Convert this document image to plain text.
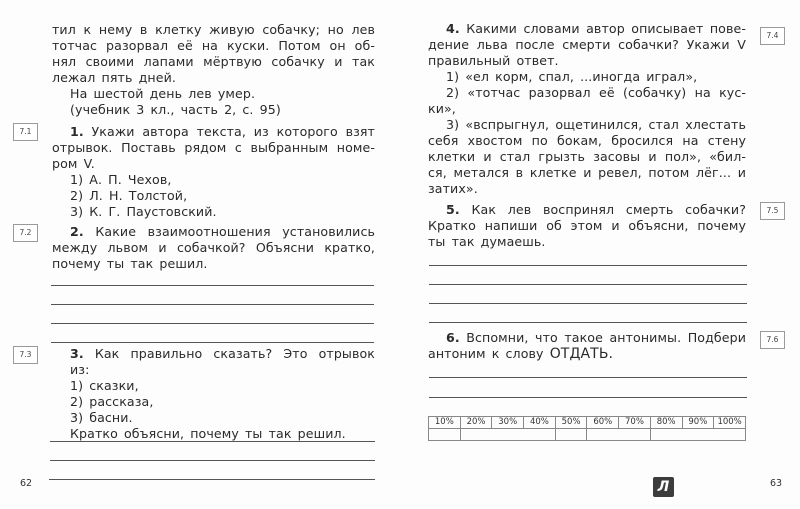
тил к нему в клетку живую собачку; но лев
тотчас разорвал её на куски. Потом он об-
нял своими лапами мёртвую собачку и так
лежал пять дней.
На шестой день лев умер.
(учебник 3 кл., часть 2, с. 95)
7.1	1. Укажи автора текста, из которого взят
отрывок. Поставь рядом с выбранным номе-
ром V.
1) А. П. Чехов,
2) Л. Н. Толстой,
3) К. Г. Паустовский.
7.2	2. Какие взаимоотношения установились
между львом и собачкой? Объясни кратко,
почему ты так решил.
7.3	3. Как правильно сказать? Это отрывок из:
1) сказки,
2) рассказа,
3) басни.
Кратко объясни, почему ты так решил.
62
4. Какими словами автор описывает пове-
дение льва после смерти собачки? Укажи V
правильный ответ.
1) «ел корм, спал, ...иногда играл»,
2) «тотчас разорвал её (собачку) на кус-
ки»,
3) «вспрыгнул, ощетинился, стал хлестать
себя хвостом по бокам, бросился на стену
клетки и стал грызть засовы и пол», «бил-
ся, метался в клетке и ревел, потом лёг... и
затих».
7.4
5. Как лев воспринял смерть собачки?
Кратко напиши об этом и объясни, почему
ты так думаешь.
7.5
6. Вспомни, что такое антонимы. Подбери
антоним к слову ОТДАТЬ.
7.6
63
10%	20%	30%	40%	50%	60%	70%	80%	90%	100%

Л
